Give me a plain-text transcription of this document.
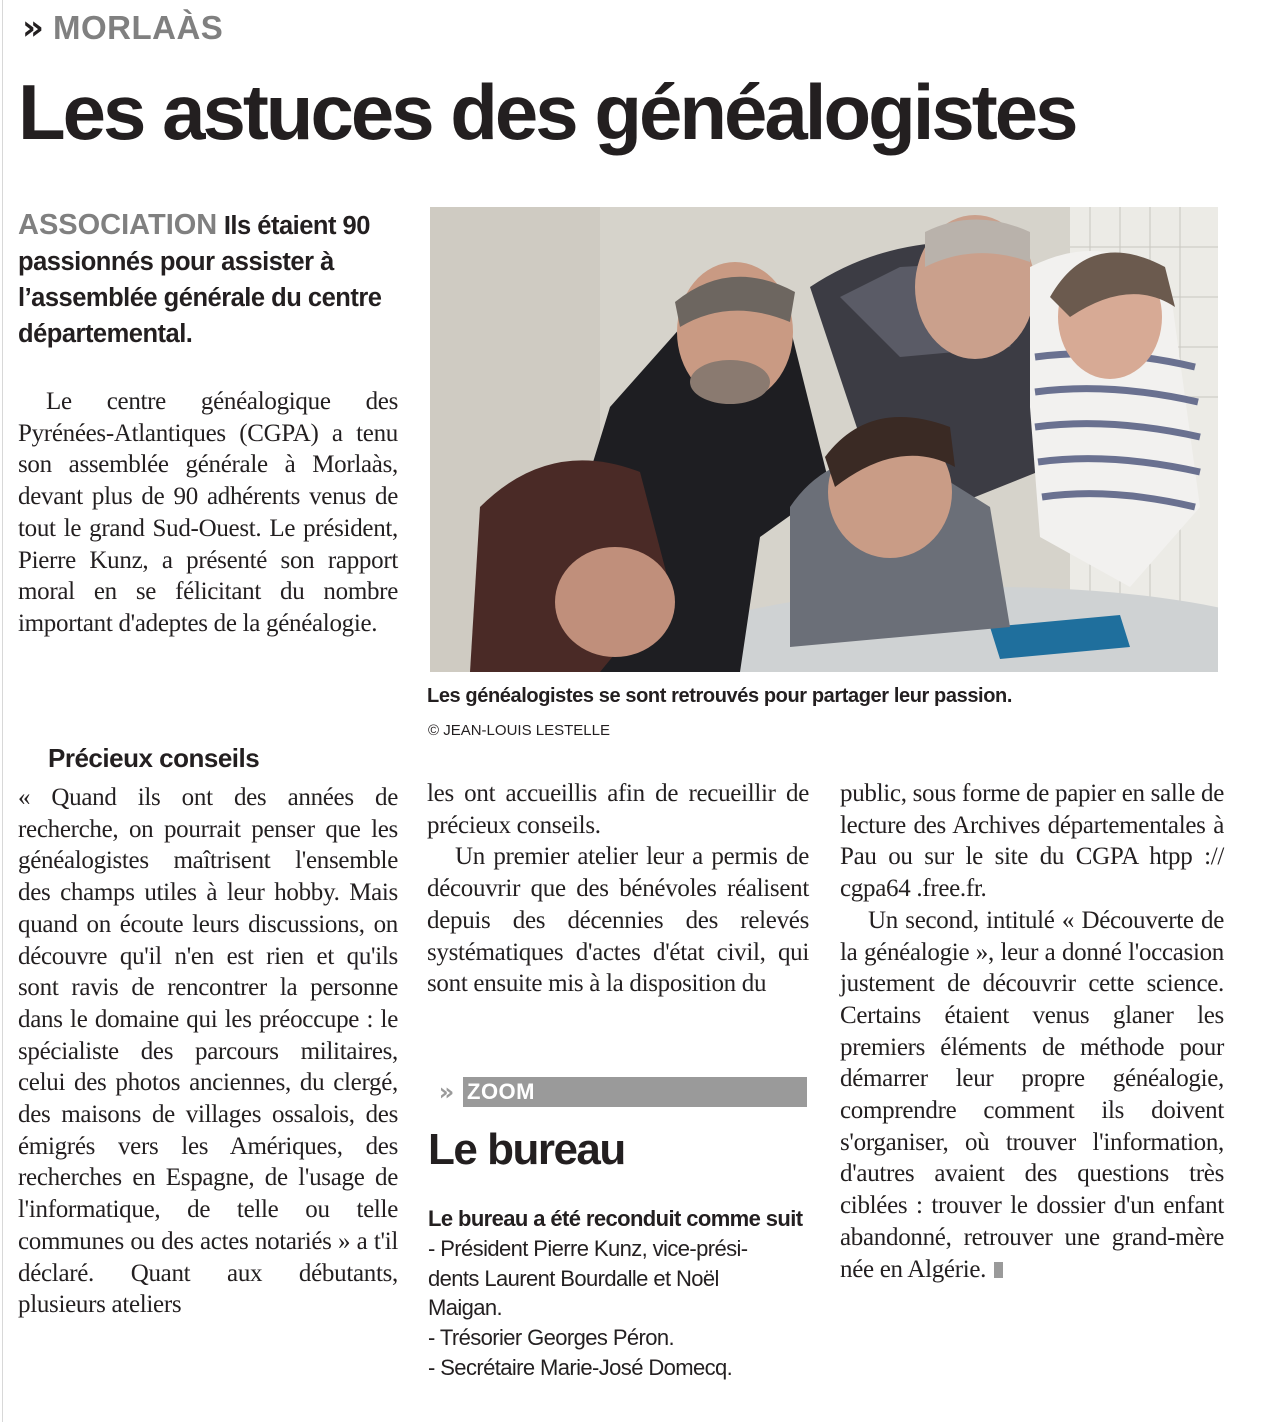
» MORLAÀS
Les astuces des généalogistes
ASSOCIATION Ils étaient 90 passionnés pour assister à l’assemblée générale du centre départemental.

Le centre généalogique des Pyrénées-Atlantiques (CGPA) a tenu son assemblée générale à Morlaàs, devant plus de 90 adhérents venus de tout le grand Sud-Ouest. Le président, Pierre Kunz, a présenté son rapport moral en se félicitant du nombre important d'adeptes de la généalogie.

Précieux conseils

« Quand ils ont des années de recherche, on pourrait penser que les généalogistes maîtrisent l'ensemble des champs utiles à leur hobby. Mais quand on écoute leurs discussions, on découvre qu'il n'en est rien et qu'ils sont ravis de rencontrer la personne dans le domaine qui les préoccupe : le spécialiste des parcours militaires, celui des photos anciennes, du clergé, des maisons de villages ossalois, des émigrés vers les Amériques, des recherches en Espagne, de l'usage de l'informatique, de telle ou telle communes ou des actes notariés » a t'il déclaré. Quant aux débutants, plusieurs ateliers

Les généalogistes se sont retrouvés pour partager leur passion.
© JEAN-LOUIS LESTELLE

les ont accueillis afin de recueillir de précieux conseils.

Un premier atelier leur a permis de découvrir que des bénévoles réalisent depuis des décennies des relevés systématiques d'actes d'état civil, qui sont ensuite mis à la disposition du

» ZOOM
Le bureau
Le bureau a été reconduit comme suit
- Président Pierre Kunz, vice-prési-
dents Laurent Bourdalle et Noël
Maigan.
- Trésorier Georges Péron.
- Secrétaire Marie-José Domecq.

public, sous forme de papier en salle de lecture des Archives départementales à Pau ou sur le site du CGPA htpp :// cgpa64 .free.fr.

Un second, intitulé « Découverte de la généalogie », leur a donné l'occasion justement de découvrir cette science. Certains étaient venus glaner les premiers éléments de méthode pour démarrer leur propre généalogie, comprendre comment ils doivent s'organiser, où trouver l'information, d'autres avaient des questions très ciblées : trouver le dossier d'un enfant abandonné, retrouver une grand-mère née en Algérie.
